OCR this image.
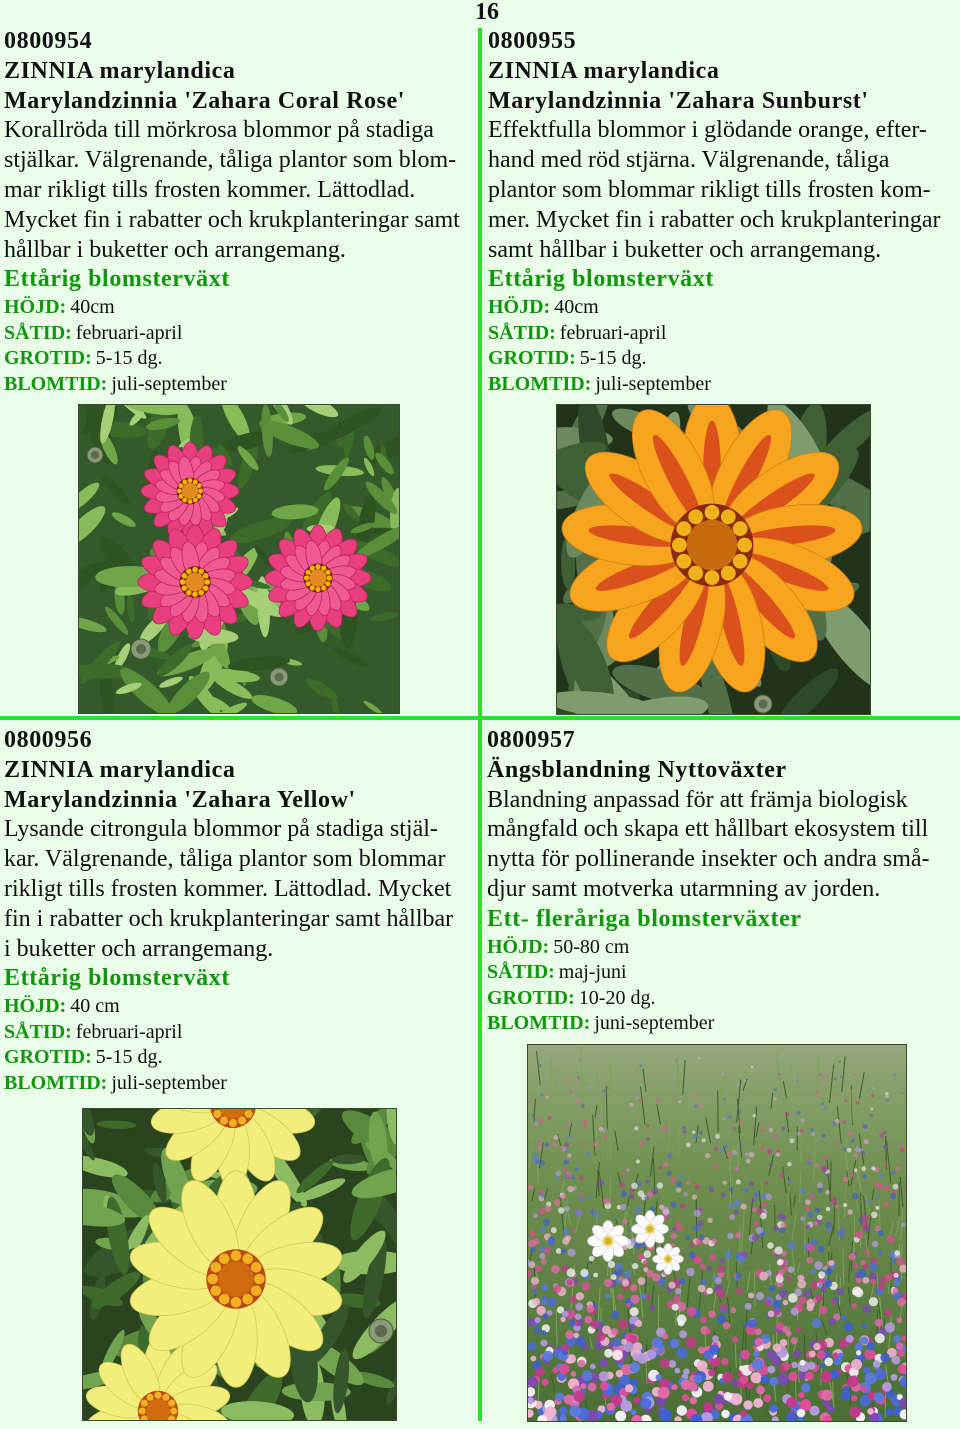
16
0800954
ZINNIA marylandica
Marylandzinnia 'Zahara Coral Rose'
Korallröda till mörkrosa blommor på stadiga
stjälkar. Välgrenande, tåliga plantor som blom-
mar rikligt tills frosten kommer. Lättodlad.
Mycket fin i rabatter och krukplanteringar samt
hållbar i buketter och arrangemang.
Ettårig blomsterväxt
HÖJD: 40cm
SÅTID: februari-april
GROTID: 5-15 dg.
BLOMTID: juli-september
0800955
ZINNIA marylandica
Marylandzinnia 'Zahara Sunburst'
Effektfulla blommor i glödande orange, efter-
hand med röd stjärna. Välgrenande, tåliga
plantor som blommar rikligt tills frosten kom-
mer. Mycket fin i rabatter och krukplanteringar
samt hållbar i buketter och arrangemang.
Ettårig blomsterväxt
HÖJD: 40cm
SÅTID: februari-april
GROTID: 5-15 dg.
BLOMTID: juli-september
0800956
ZINNIA marylandica
Marylandzinnia 'Zahara Yellow'
Lysande citrongula blommor på stadiga stjäl-
kar. Välgrenande, tåliga plantor som blommar
rikligt tills frosten kommer. Lättodlad. Mycket
fin i rabatter och krukplanteringar samt hållbar
i buketter och arrangemang.
Ettårig blomsterväxt
HÖJD: 40 cm
SÅTID: februari-april
GROTID: 5-15 dg.
BLOMTID: juli-september
0800957
Ängsblandning Nyttoväxter
Blandning anpassad för att främja biologisk
mångfald och skapa ett hållbart ekosystem till
nytta för pollinerande insekter och andra små-
djur samt motverka utarmning av jorden.
Ett- fleråriga blomsterväxter
HÖJD: 50-80 cm
SÅTID: maj-juni
GROTID: 10-20 dg.
BLOMTID: juni-september
